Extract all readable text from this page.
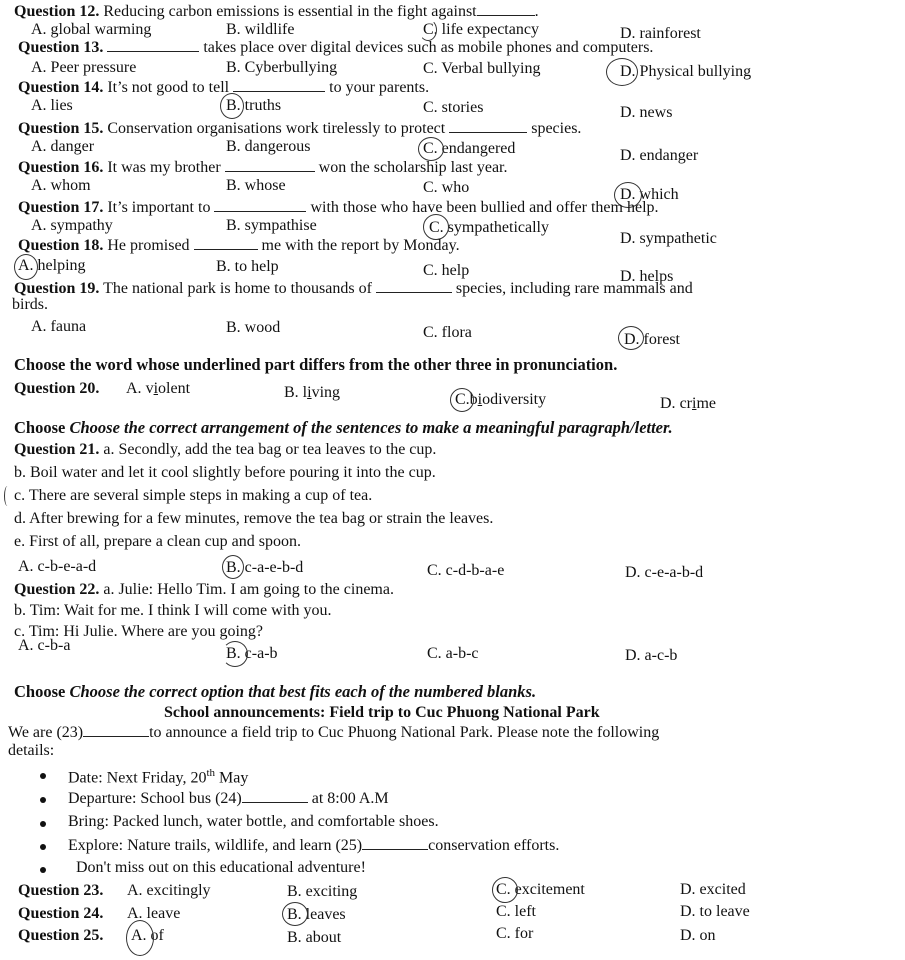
Question 12. Reducing carbon emissions is essential in the fight against	.
A. global warming	B. wildlife	C. life expectancy	D. rainforest
Question 13.	takes place over digital devices such as mobile phones and computers.
A. Peer pressure	B. Cyberbullying	C. Verbal bullying	D. Physical bullying
Question 14. It’s not good to tell	to your parents.
A. lies	B. truths	C. stories	D. news
Question 15. Conservation organisations work tirelessly to protect	species.
A. danger	B. dangerous	C. endangered	D. endanger
Question 16. It was my brother	won the scholarship last year.
A. whom	B. whose	C. who	D. which
Question 17. It’s important to	with those who have been bullied and offer them help.
A. sympathy	B. sympathise	C. sympathetically
D. sympathetic
Question 18. He promised	me with the report by Monday.
A. helping	B. to help	C. help	D. helps
Question 19. The national park is home to thousands of	species, including rare mammals and
birds.
A. fauna	B. wood	C. flora	D. forest
Choose the word whose underlined part differs from the other three in pronunciation.
Question 20. A. violent	B. living	C.biodiversity	D. crime
Choose Choose the correct arrangement of the sentences to make a meaningful paragraph/letter.
Question 21. a. Secondly, add the tea bag or tea leaves to the cup.
b. Boil water and let it cool slightly before pouring it into the cup.
c. There are several simple steps in making a cup of tea.
d. After brewing for a few minutes, remove the tea bag or strain the leaves.
e. First of all, prepare a clean cup and spoon.
A. c-b-e-a-d	B. c-a-e-b-d	C. c-d-b-a-e	D. c-e-a-b-d
Question 22. a. Julie: Hello Tim. I am going to the cinema.
b. Tim: Wait for me. I think I will come with you.
c. Tim: Hi Julie. Where are you going?
A. c-b-a	B. c-a-b	C. a-b-c	D. a-c-b
Choose Choose the correct option that best fits each of the numbered blanks.
School announcements: Field trip to Cuc Phuong National Park
We are (23)	to announce a field trip to Cuc Phuong National Park. Please note the following
details:
Date: Next Friday, 20th May
Departure: School bus (24)	at 8:00 A.M
Bring: Packed lunch, water bottle, and comfortable shoes.
Explore: Nature trails, wildlife, and learn (25)	conservation efforts.
Don't miss out on this educational adventure!
Question 23. A. excitingly	B. exciting	C. excitement	D. excited
Question 24. A. leave	B. leaves	C. left	D. to leave
Question 25. A. of	B. about	C. for	D. on
